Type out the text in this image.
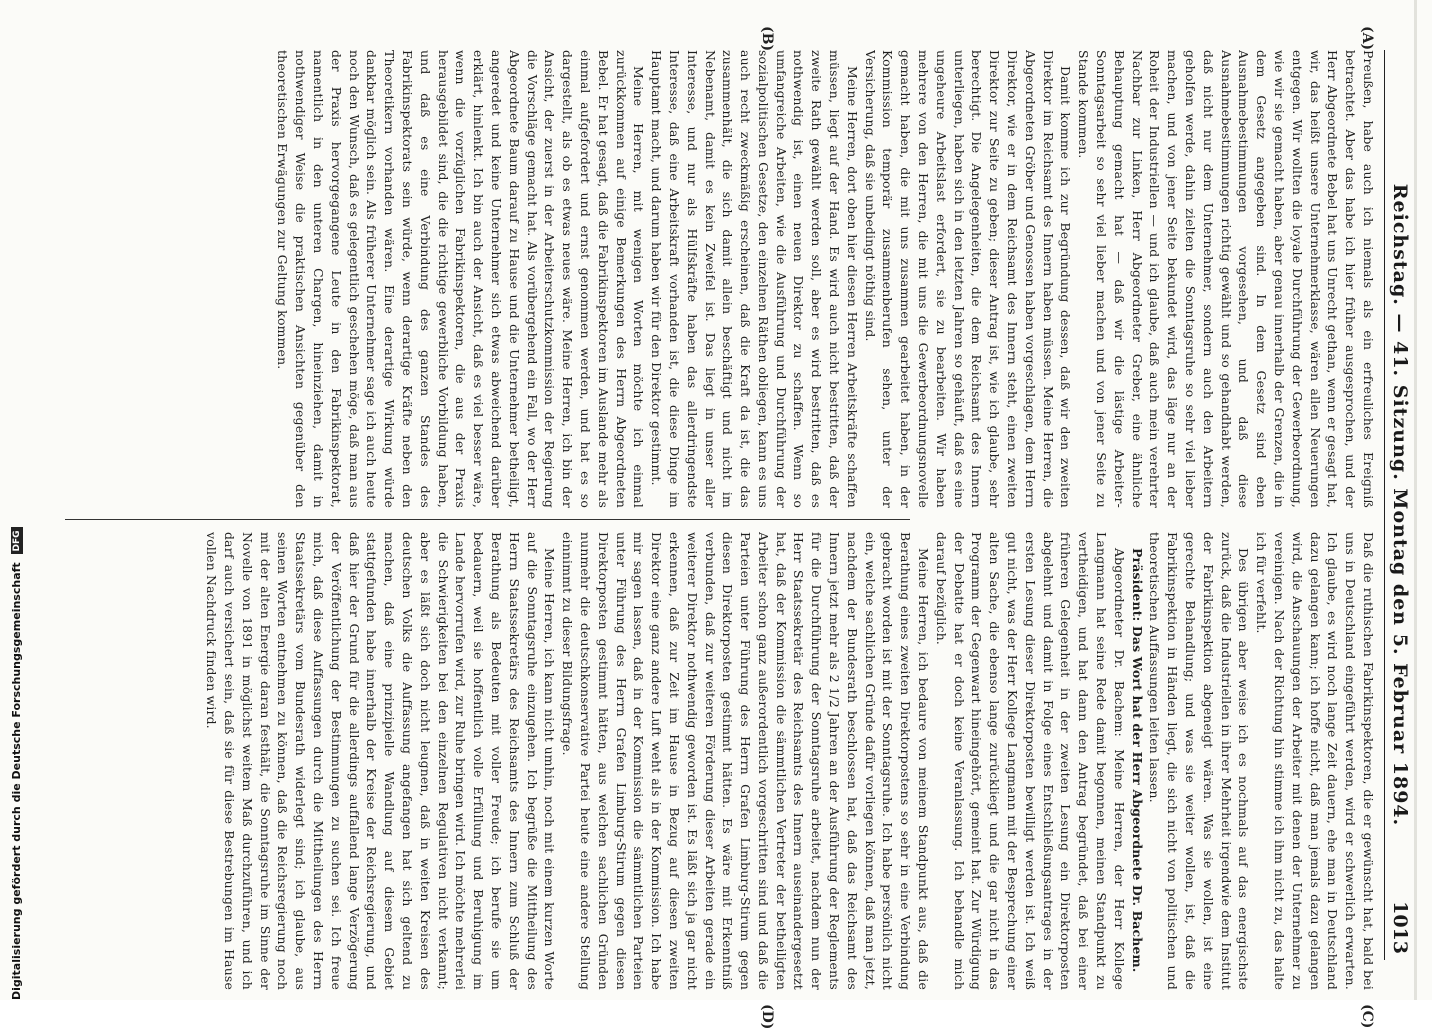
Reichstag. — 41. Sitzung. Montag den 5. Februar 1894.
1013
(A)
(B)
(C)
(D)

Preußen, habe auch ich niemals als ein erfreuliches Ereigniß betrachtet. Aber das habe ich hier früher ausgesprochen, und der Herr Abgeordnete Bebel hat uns Unrecht gethan, wenn er gesagt hat, wir, das heißt unsere Unternehmerklasse, wären allen Neuerungen entgegen. Wir wollten die loyale Durchführung der Gewerbeordnung, wie wir sie gemacht haben, aber genau innerhalb der Grenzen, die in dem Gesetz angegeben sind. In dem Gesetz sind eben Ausnahmebestimmungen vorgesehen, und daß diese Ausnahmebestimmungen richtig gewählt und so gehandhabt werden, daß nicht nur dem Unternehmer, sondern auch den Arbeitern geholfen werde, dahin zielten die Sonntagsruhe so sehr viel lieber machen, und von jener Seite bekundet wird, das läge nur an der Roheit der Industriellen — und ich glaube, daß auch mein verehrter Nachbar zur Linken, Herr Abgeordneter Greber, eine ähnliche Behauptung gemacht hat — daß wir die lästige Arbeiter-Sonntagsarbeit so sehr viel lieber machen und von jener Seite zu Stande kommen.

Damit komme ich zur Begründung dessen, daß wir den zweiten Direktor im Reichsamt des Innern haben müssen. Meine Herren, die Abgeordneten Gröber und Genossen haben vorgeschlagen, dem Herrn Direktor, wie er in dem Reichsamt des Innern steht, einen zweiten Direktor zur Seite zu geben; dieser Antrag ist, wie ich glaube, sehr berechtigt. Die Angelegenheiten, die dem Reichsamt des Innern unterliegen, haben sich in den letzten Jahren so gehäuft, daß es eine ungeheure Arbeitslast erfordert, sie zu bearbeiten. Wir haben mehrere von den Herren, die mit uns die Gewerbeordnungsnovelle gemacht haben, die mit uns zusammen gearbeitet haben, in der Kommission temporär zusammenberufen sehen, unter der Versicherung, daß sie unbedingt nöthig sind.

Meine Herren, dort oben hier diesen Herren Arbeitskräfte schaffen müssen, liegt auf der Hand. Es wird auch nicht bestritten, daß der zweite Rath gewählt werden soll, aber es wird bestritten, daß es nothwendig ist, einen neuen Direktor zu schaffen. Wenn so umfangreiche Arbeiten, wie die Ausführung und Durchführung der sozialpolitischen Gesetze, den einzelnen Räthen obliegen, kann es uns auch recht zweckmäßig erscheinen, daß die Kraft da ist, die das zusammenhält, die sich damit allein beschäftigt und nicht im Nebenamt, damit es kein Zweifel ist. Das liegt in unser aller Interesse, und nur als Hülfskräfte haben das allerdringendste Interesse, daß eine Arbeitskraft vorhanden ist, die diese Dinge im Hauptamt macht, und darum haben wir für den Direktor gestimmt.

Meine Herren, mit wenigen Worten möchte ich einmal zurückkommen auf einige Bemerkungen des Herrn Abgeordneten Bebel. Er hat gesagt, daß die Fabrikinspektoren im Auslande mehr als einmal aufgefordert und ernst genommen werden, und hat es so dargestellt, als ob es etwas neues wäre. Meine Herren, ich bin der Ansicht, der zuerst in der Arbeiterschutzkommission der Regierung die Vorschläge gemacht hat. Als vorübergehend ein Fall, wo der Herr Abgeordnete Baum darauf zu Hause und die Unternehmer betheiligt, angeredet und keine Unternehmer sich etwas abweichend darüber erklärt, hinlenkt. Ich bin auch der Ansicht, daß es viel besser wäre, wenn die vorzüglichen Fabrikinspektoren, die aus der Praxis herausgebildet sind, die die richtige gewerbliche Vorbildung haben, und daß es eine Verbindung des ganzen Standes des Fabrikinspektorats sein würde, wenn derartige Kräfte neben den Theoretikern vorhanden wären. Eine derartige Wirkung würde dankbar möglich sein. Als früherer Unternehmer sage ich auch heute noch den Wunsch, daß es gelegentlich geschehen möge, daß man aus der Praxis hervorgegangene Leute in den Fabrikinspektorat, namentlich in den unteren Chargen, hineinziehen, damit in nothwendiger Weise die praktischen Ansichten gegenüber den theoretischen Erwägungen zur Geltung kommen.

Daß die ruthischen Fabrikinspektoren, die er gewünscht hat, bald bei uns in Deutschland eingeführt werden, wird er schwerlich erwarten. Ich glaube, es wird noch lange Zeit dauern, ehe man in Deutschland dazu gelangen kann; ich hoffe nicht, daß man jemals dazu gelangen wird, die Anschauungen der Arbeiter mit denen der Unternehmer zu vereinigen. Nach der Richtung hin stimme ich ihm nicht zu, das halte ich für verfehlt.

Des übrigen aber weise ich es nochmals auf das energischste zurück, daß die Industriellen in ihrer Mehrheit irgendwie dem Institut der Fabrikinspektion abgeneigt wären. Was sie wollen, ist eine gerechte Behandlung; und was sie weiter wollen, ist, daß die Fabrikinspektion in Händen liegt, die sich nicht von politischen und theoretischen Auffassungen leiten lassen.

Präsident: Das Wort hat der Herr Abgeordnete Dr. Bachem.

Abgeordneter Dr. Bachem: Meine Herren, der Herr Kollege Langmann hat seine Rede damit begonnen, meinen Standpunkt zu vertheidigen, und hat dann den Antrag begründet, daß bei einer früheren Gelegenheit in der zweiten Lesung ein Direktorposten abgelehnt und damit in Folge eines Entschließungsantrages in der ersten Lesung dieser Direktorposten bewilligt werden ist. Ich weiß gut nicht, was der Herr Kollege Langmann mit der Besprechung einer alten Sache, die ebenso lange zurückliegt und die gar nicht in das Programm der Gegenwart hineingehört, gemeint hat. Zur Würdigung der Debatte hat er doch keine Veranlassung. Ich behandle mich darauf bezüglich.

Meine Herren, ich bedaure von meinem Standpunkt aus, daß die Berathung eines zweiten Direktorpostens so sehr in eine Verbindung gebracht worden ist mit der Sonntagsruhe. Ich habe persönlich nicht ein, welche sachlichen Gründe dafür vorliegen können, daß man jetzt, nachdem der Bundesrath beschlossen hat, daß das Reichsamt des Innern jetzt mehr als 2 1/2 Jahren an der Ausführung der Reglements für die Durchführung der Sonntagsruhe arbeitet, nachdem nun der Herr Staatssekretär des Reichsamts des Innern auseinandergesetzt hat, daß der Kommission die sämmtlichen Vertreter der betheiligten Arbeiter schon ganz außerordentlich vorgeschritten sind und daß die Parteien unter Führung des Herrn Grafen Limburg-Stirum gegen diesen Direktorposten gestimmt hätten. Es wäre mit Erkenntniß verbunden, daß zur weiteren Förderung dieser Arbeiten gerade ein weiterer Direktor nothwendig geworden ist. Es läßt sich ja gar nicht erkennen, daß zur Zeit im Hause in Bezug auf diesen zweiten Direktor eine ganz andere Luft weht als in der Kommission. Ich habe mir sagen lassen, daß in der Kommission die sämmtlichen Parteien unter Führung des Herrn Grafen Limburg-Stirum gegen diesen Direktorposten gestimmt hätten, aus welchen sachlichen Gründen nunmehr die deutschkonservative Partei heute eine andere Stellung einnimmt zu dieser Bildungsfrage.

Meine Herren, ich kann nicht umhin, noch mit einem kurzen Worte auf die Sonntagsruhe einzugehen. Ich begrüße die Mittheilung des Herrn Staatssekretärs des Reichsamts des Innern zum Schluß der Berathung als Bedeuten mit voller Freude; ich berufe sie um bedauern, weil sie hoffentlich volle Erfüllung und Beruhigung im Lande hervorrufen wird, zur Ruhe bringen wird. Ich möchte mehrerlei die Schwierigkeiten bei den einzelnen Regulativen nicht verkannt; aber es läßt sich doch nicht leugnen, daß in weiten Kreisen des deutschen Volks die Auffassung angefangen hat sich geltend zu machen, daß eine prinzipielle Wandlung auf diesem Gebiet stattgefunden habe innerhalb der Kreise der Reichsregierung, und daß hier der Grund für die allerdings auffallend lange Verzögerung der Veröffentlichung der Bestimmungen zu suchen sei. Ich freue mich, daß diese Auffassungen durch die Mittheilungen des Herrn Staatssekretärs vom Bundesrath widerlegt sind; ich glaube, aus seinen Worten entnehmen zu können, daß die Reichsregierung noch mit der alten Energie daran festhält, die Sonntagsruhe im Sinne der Novelle von 1891 in möglichst weitem Maß durchzuführen, und ich darf auch versichert sein, daß sie für diese Bestrebungen im Hause vollen Nachdruck finden wird.

Digitalisierung gefördert durch die Deutsche Forschungsgemeinschaft DFG
